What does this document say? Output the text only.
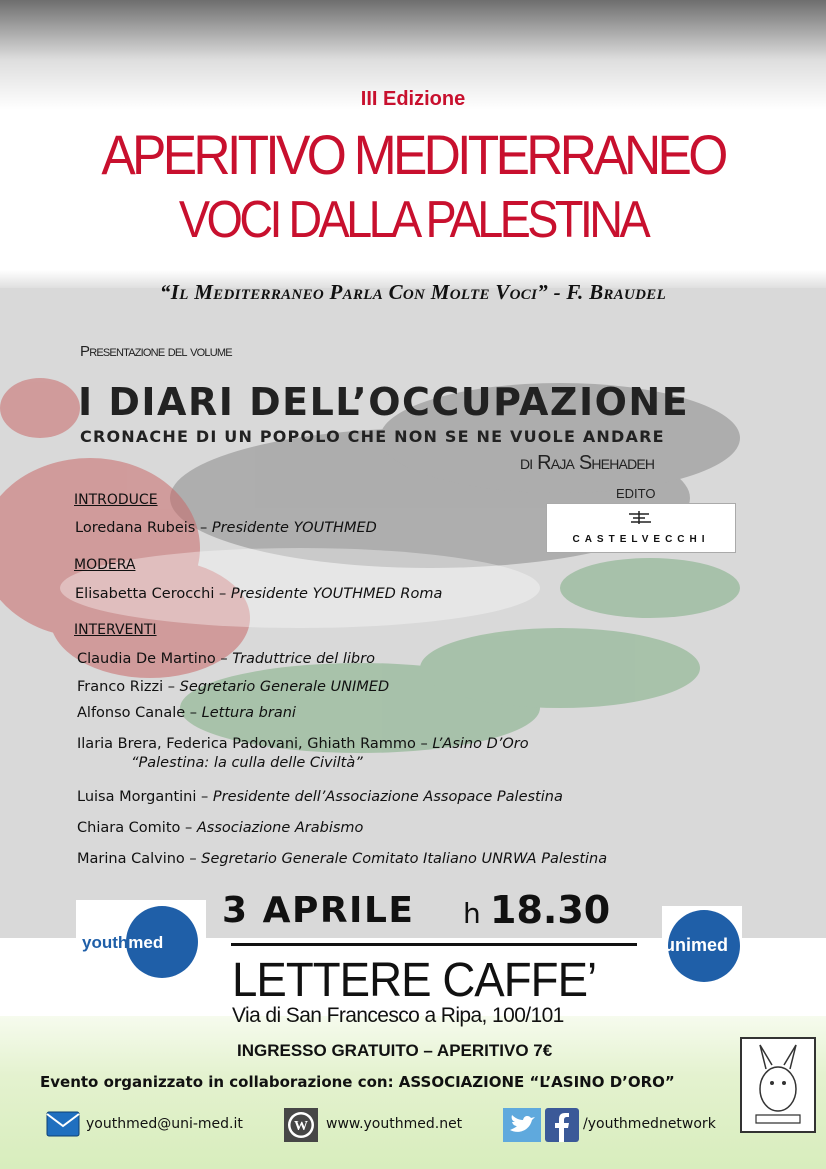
III Edizione
APERITIVO MEDITERRANEO
VOCI DALLA PALESTINA
“Il Mediterraneo Parla Con Molte Voci” - F. Braudel
Presentazione del volume
I DIARI DELL’OCCUPAZIONE
CRONACHE DI UN POPOLO CHE NON SE NE VUOLE ANDARE
di Raja Shehadeh
EDITO
CASTELVECCHI
INTRODUCE
Loredana Rubeis – Presidente YOUTHMED
MODERA
Elisabetta Cerocchi – Presidente YOUTHMED Roma
INTERVENTI
Claudia De Martino – Traduttrice del libro
Franco Rizzi – Segretario Generale UNIMED
Alfonso Canale – Lettura brani
Ilaria Brera, Federica Padovani, Ghiath Rammo – L’Asino D’Oro
“Palestina: la culla delle Civiltà”
Luisa Morgantini – Presidente dell’Associazione Assopace Palestina
Chiara Comito – Associazione Arabismo
Marina Calvino – Segretario Generale Comitato Italiano UNRWA Palestina
youthmed
3 APRILE h 18.30
unimed
LETTERE CAFFE’
Via di San Francesco a Ripa, 100/101
INGRESSO GRATUITO – APERITIVO 7€
Evento organizzato in collaborazione con: ASSOCIAZIONE “L’ASINO D’ORO”
youthmed@uni-med.it	W www.youthmed.net	/youthmednetwork
